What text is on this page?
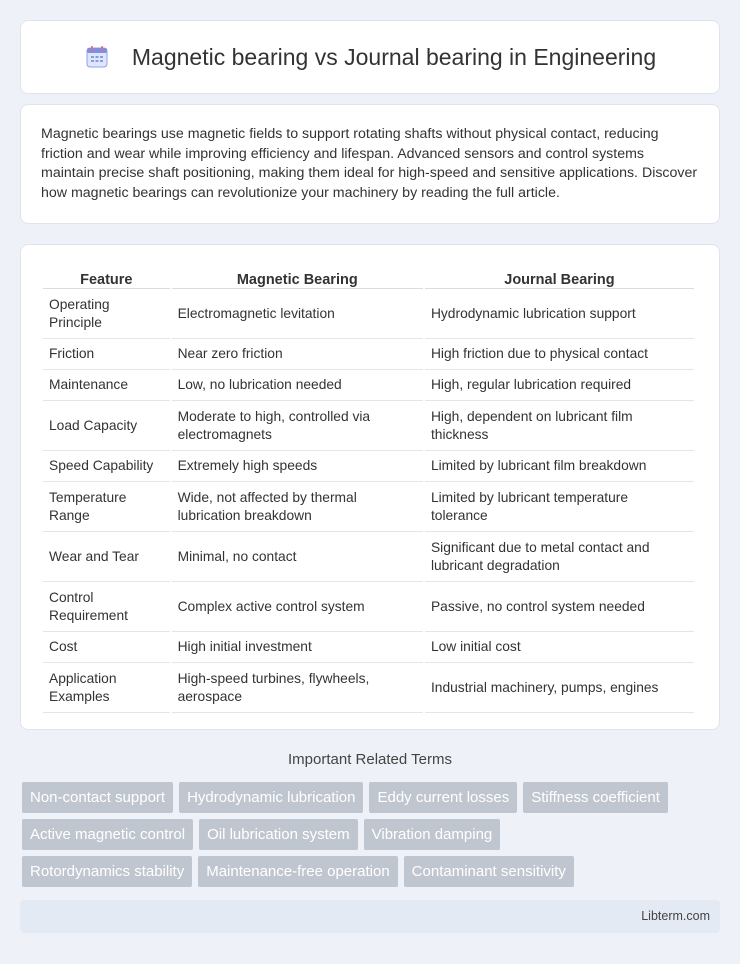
Magnetic bearing vs Journal bearing in Engineering

Magnetic bearings use magnetic fields to support rotating shafts without physical contact, reducing friction and wear while improving efficiency and lifespan. Advanced sensors and control systems maintain precise shaft positioning, making them ideal for high-speed and sensitive applications. Discover how magnetic bearings can revolutionize your machinery by reading the full article.

Feature	Magnetic Bearing	Journal Bearing
Operating Principle	Electromagnetic levitation	Hydrodynamic lubrication support
Friction	Near zero friction	High friction due to physical contact
Maintenance	Low, no lubrication needed	High, regular lubrication required
Load Capacity	Moderate to high, controlled via electromagnets	High, dependent on lubricant film thickness
Speed Capability	Extremely high speeds	Limited by lubricant film breakdown
Temperature Range	Wide, not affected by thermal lubrication breakdown	Limited by lubricant temperature tolerance
Wear and Tear	Minimal, no contact	Significant due to metal contact and lubricant degradation
Control Requirement	Complex active control system	Passive, no control system needed
Cost	High initial investment	Low initial cost
Application Examples	High-speed turbines, flywheels, aerospace	Industrial machinery, pumps, engines
Important Related Terms
Non-contact support	Hydrodynamic lubrication	Eddy current losses	Stiffness coefficient
Active magnetic control	Oil lubrication system	Vibration damping
Rotordynamics stability	Maintenance-free operation	Contaminant sensitivity
Libterm.com
